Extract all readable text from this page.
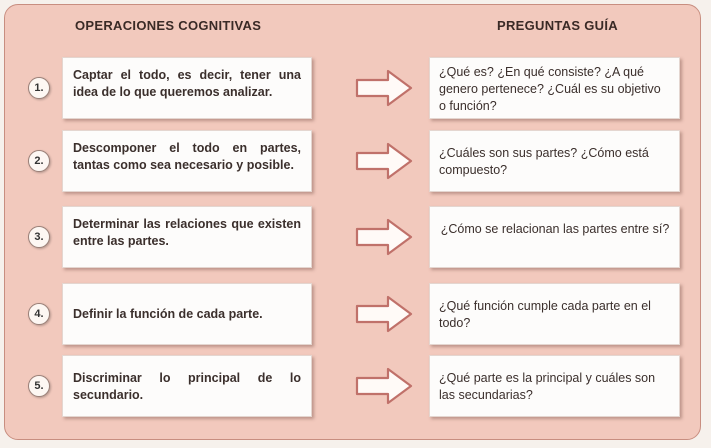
OPERACIONES COGNITIVAS	PREGUNTAS GUÍA
1.
Captar el todo, es decir, tener una idea de lo que queremos analizar.
¿Qué es? ¿En qué consiste? ¿A qué genero pertenece? ¿Cuál es su objetivo o función?
2.
Descomponer el todo en partes, tantas como sea necesario y posible.
¿Cuáles son sus partes? ¿Cómo está compuesto?
3.
Determinar las relaciones que existen entre las partes.
¿Cómo se relacionan las partes entre sí?
4.	Definir la función de cada parte.
¿Qué función cumple cada parte en el todo?
5.
Discriminar lo principal de lo secundario.
¿Qué parte es la principal y cuáles son las secundarias?
